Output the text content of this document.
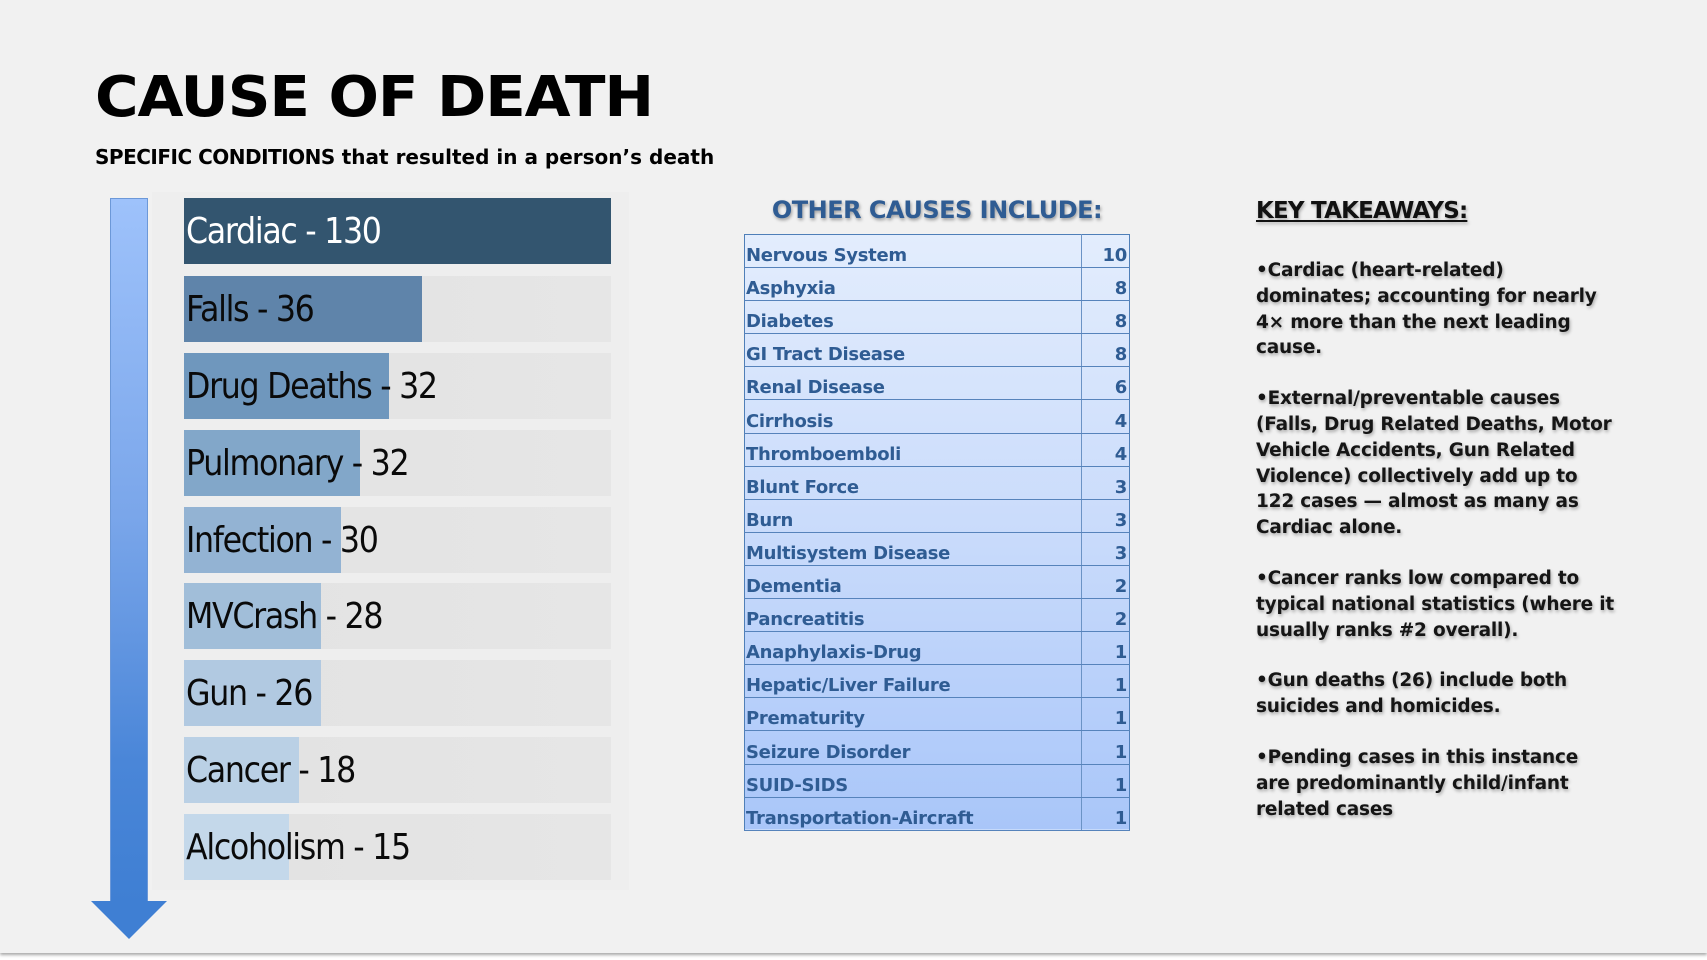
CAUSE OF DEATH
SPECIFIC CONDITIONS that resulted in a person’s death
Cardiac - 130
Falls - 36
Drug Deaths - 32
Pulmonary - 32
Infection - 30
MVCrash - 28
Gun - 26
Cancer - 18
Alcoholism - 15
OTHER CAUSES INCLUDE:
Nervous System	10
Asphyxia	8
Diabetes	8
GI Tract Disease	8
Renal Disease	6
Cirrhosis	4
Thromboemboli	4
Blunt Force	3
Burn	3
Multisystem Disease	3
Dementia	2
Pancreatitis	2
Anaphylaxis-Drug	1
Hepatic/Liver Failure	1
Prematurity	1
Seizure Disorder	1
SUID-SIDS	1
Transportation-Aircraft	1
KEY TAKEAWAYS:
•Cardiac (heart-related) dominates; accounting for nearly 4× more than the next leading cause.
•External/preventable causes (Falls, Drug Related Deaths, Motor Vehicle Accidents, Gun Related Violence) collectively add up to 122 cases — almost as many as Cardiac alone.
•Cancer ranks low compared to typical national statistics (where it usually ranks #2 overall).
•Gun deaths (26) include both suicides and homicides.
•Pending cases in this instance are predominantly child/infant related cases
